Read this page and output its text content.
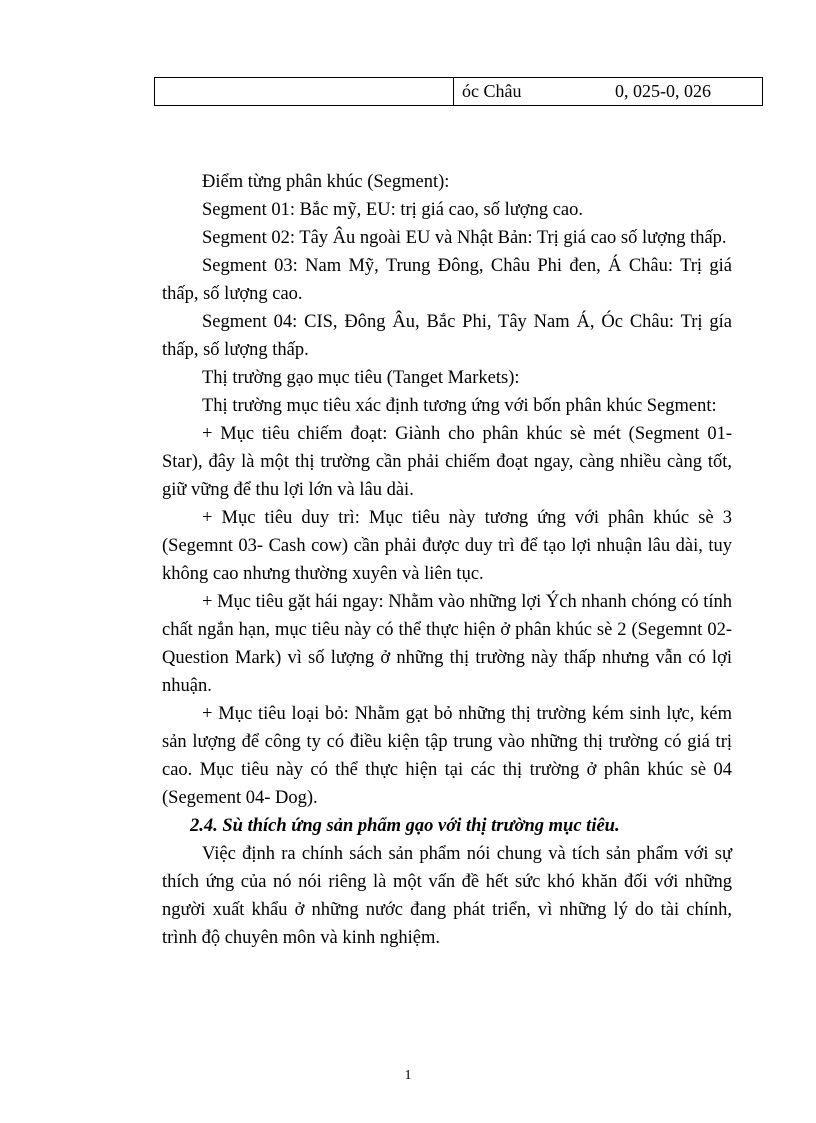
	óc Châu	0, 025-0, 026

Điểm từng phân khúc (Segment):

Segment 01: Bắc mỹ, EU: trị giá cao, số lượng cao.

Segment 02: Tây Âu ngoài EU và Nhật Bản: Trị giá cao số lượng thấp.

Segment 03: Nam Mỹ, Trung Đông, Châu Phi đen, Á Châu: Trị giá thấp, số lượng cao.

Segment 04: CIS, Đông Âu, Bắc Phi, Tây Nam Á, Óc Châu: Trị gía thấp, số lượng thấp.

Thị trường gạo mục tiêu (Tanget Markets):

Thị trường mục tiêu xác định tương ứng với bốn phân khúc Segment:

+ Mục tiêu chiếm đoạt: Giành cho phân khúc sè mét (Segment 01-Star), đây là một thị trường cần phải chiếm đoạt ngay, càng nhiều càng tốt, giữ vững để thu lợi lớn và lâu dài.

+ Mục tiêu duy trì: Mục tiêu này tương ứng với phân khúc sè 3 (Segemnt 03- Cash cow) cần phải được duy trì để tạo lợi nhuận lâu dài, tuy không cao nhưng thường xuyên và liên tục.

+ Mục tiêu gặt hái ngay: Nhằm vào những lợi Ých nhanh chóng có tính chất ngắn hạn, mục tiêu này có thể thực hiện ở phân khúc sè 2 (Segemnt 02- Question Mark) vì số lượng ở những thị trường này thấp nhưng vẫn có lợi nhuận.

+ Mục tiêu loại bỏ: Nhằm gạt bỏ những thị trường kém sinh lực, kém sản lượng để công ty có điều kiện tập trung vào những thị trường có giá trị cao. Mục tiêu này có thể thực hiện tại các thị trường ở phân khúc sè 04 (Segement 04- Dog).

2.4. Sù thích ứng sản phẩm gạo với thị trường mục tiêu.

Việc định ra chính sách sản phẩm nói chung và tích sản phẩm với sự thích ứng của nó nói riêng là một vấn đề hết sức khó khăn đối với những người xuất khẩu ở những nước đang phát triển, vì những lý do tài chính, trình độ chuyên môn và kinh nghiệm.

1
